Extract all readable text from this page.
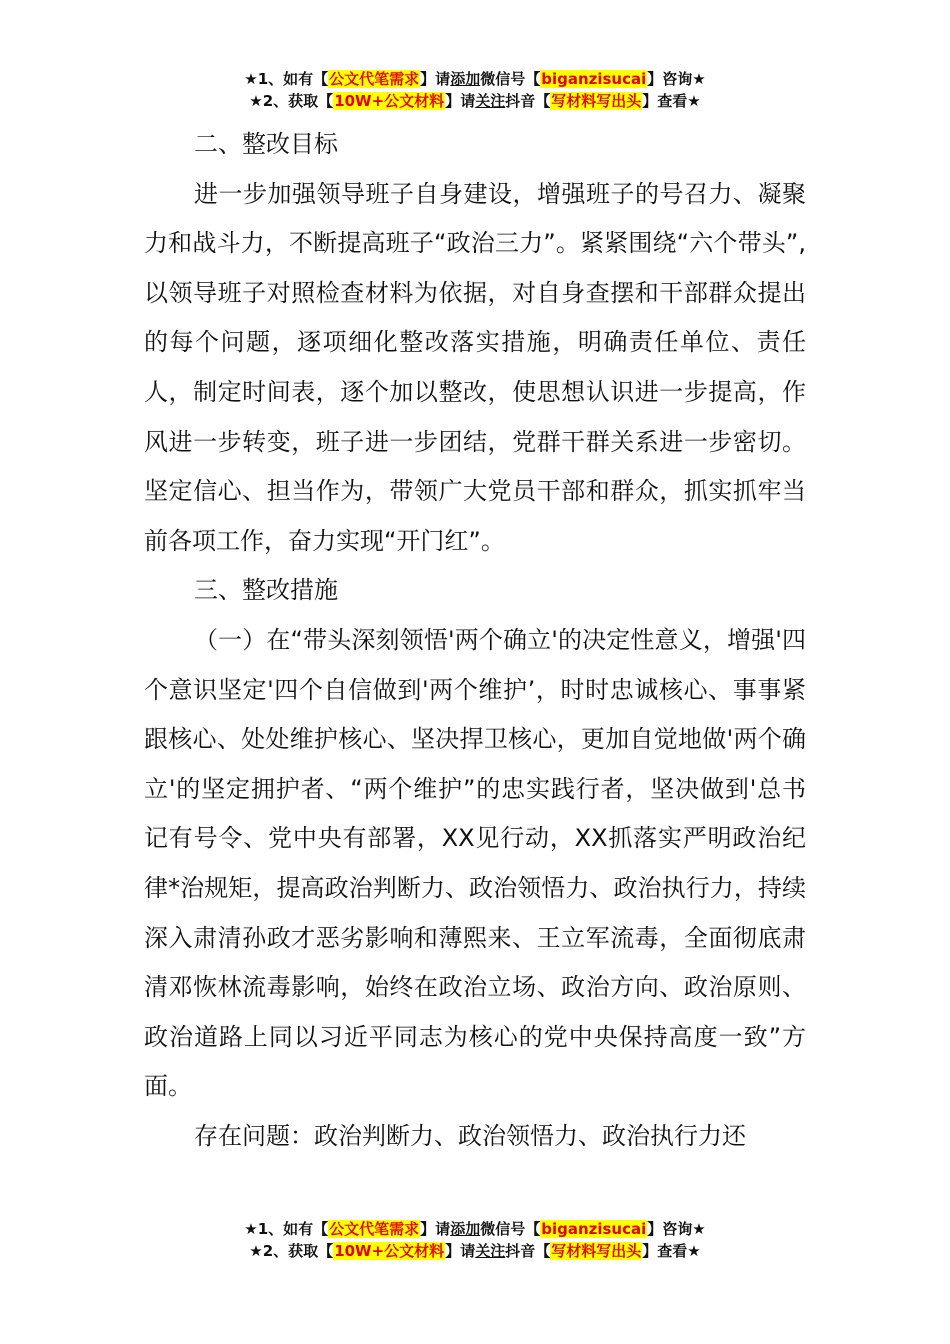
★1、如有【公文代笔需求】请添加微信号【biganzisucai】咨询★
★2、获取【10W+公文材料】请关注抖音【写材料写出头】查看★

二、整改目标

进一步加强领导班子自身建设，增强班子的号召力、凝聚力和战斗力，不断提高班子“政治三力”。紧紧围绕“六个带头”,以领导班子对照检查材料为依据，对自身查摆和干部群众提出的每个问题，逐项细化整改落实措施，明确责任单位、责任人，制定时间表，逐个加以整改，使思想认识进一步提高，作风进一步转变，班子进一步团结，党群干群关系进一步密切。坚定信心、担当作为，带领广大党员干部和群众，抓实抓牢当前各项工作，奋力实现“开门红”。

三、整改措施

（一）在“带头深刻领悟'两个确立'的决定性意义，增强'四个意识坚定'四个自信做到'两个维护’，时时忠诚核心、事事紧跟核心、处处维护核心、坚决捍卫核心，更加自觉地做'两个确立'的坚定拥护者、“两个维护”的忠实践行者，坚决做到'总书记有号令、党中央有部署，XX见行动，XX抓落实严明政治纪律*治规矩，提高政治判断力、政治领悟力、政治执行力，持续深入肃清孙政才恶劣影响和薄熙来、王立军流毒，全面彻底肃清邓恢林流毒影响，始终在政治立场、政治方向、政治原则、政治道路上同以习近平同志为核心的党中央保持高度一致”方面。

存在问题：政治判断力、政治领悟力、政治执行力还

★1、如有【公文代笔需求】请添加微信号【biganzisucai】咨询★
★2、获取【10W+公文材料】请关注抖音【写材料写出头】查看★
